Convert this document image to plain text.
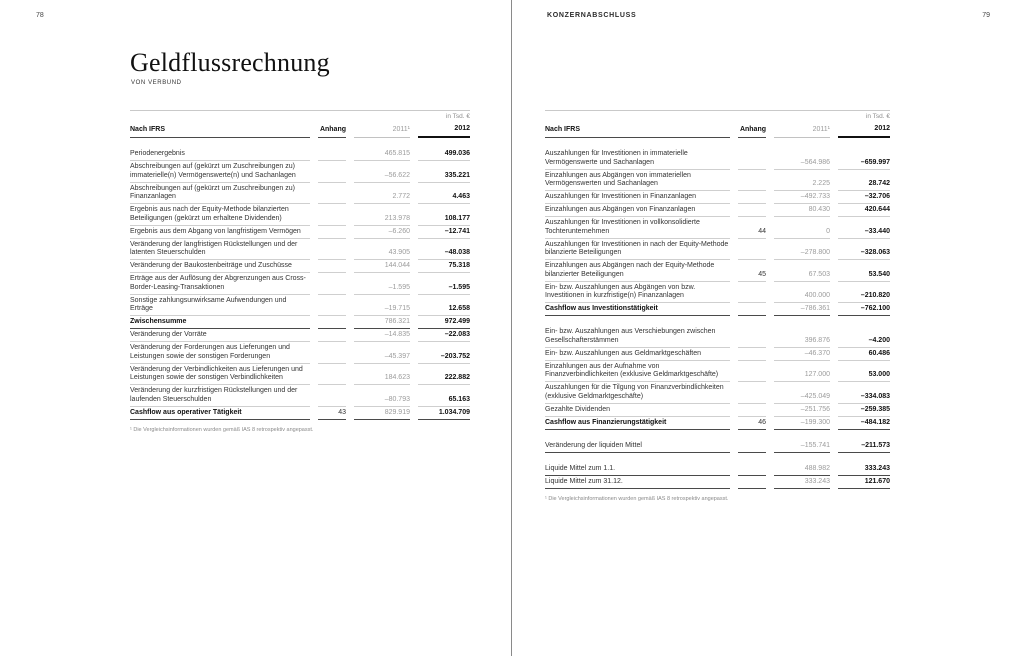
78
Geldflussrechnung
VON VERBUND
in Tsd. €
Nach IFRS	Anhang	2011¹	2012
Periodenergebnis	465.815	499.036
Abschreibungen auf (gekürzt um Zuschreibungen zu) immaterielle(n) Vermögenswerte(n) und Sachanlagen	–56.622	335.221
Abschreibungen auf (gekürzt um Zuschreibungen zu) Finanzanlagen	2.772	4.463
Ergebnis aus nach der Equity-Methode bilanzierten Beteiligungen (gekürzt um erhaltene Dividenden)	213.978	108.177
Ergebnis aus dem Abgang von langfristigem Vermögen	–6.260	–12.741
Veränderung der langfristigen Rückstellungen und der latenten Steuerschulden	43.905	–48.038
Veränderung der Baukostenbeiträge und Zuschüsse	144.044	75.318
Erträge aus der Auflösung der Abgrenzungen aus Cross-Border-Leasing-Transaktionen	–1.595	–1.595
Sonstige zahlungsunwirksame Aufwendungen und Erträge	–19.715	12.658
Zwischensumme	786.321	972.499
Veränderung der Vorräte	–14.835	–22.083
Veränderung der Forderungen aus Lieferungen und Leistungen sowie der sonstigen Forderungen	–45.397	–203.752
Veränderung der Verbindlichkeiten aus Lieferungen und Leistungen sowie der sonstigen Verbindlichkeiten	184.623	222.882
Veränderung der kurzfristigen Rückstellungen und der laufenden Steuerschulden	–80.793	65.163
Cashflow aus operativer Tätigkeit	43	829.919	1.034.709
¹ Die Vergleichsinformationen wurden gemäß IAS 8 retrospektiv angepasst.
KONZERNABSCHLUSS	79
in Tsd. €
Nach IFRS	Anhang	2011¹	2012
Auszahlungen für Investitionen in immaterielle Vermögenswerte und Sachanlagen	–564.986	–659.997
Einzahlungen aus Abgängen von immateriellen Vermögenswerten und Sachanlagen	2.225	28.742
Auszahlungen für Investitionen in Finanzanlagen	–492.733	–32.706
Einzahlungen aus Abgängen von Finanzanlagen	80.430	420.644
Auszahlungen für Investitionen in vollkonsolidierte Tochterunternehmen	44	0	–33.440
Auszahlungen für Investitionen in nach der Equity-Methode bilanzierte Beteiligungen	–278.800	–328.063
Einzahlungen aus Abgängen nach der Equity-Methode bilanzierter Beteiligungen	45	67.503	53.540
Ein- bzw. Auszahlungen aus Abgängen von bzw. Investitionen in kurzfristige(n) Finanzanlagen	400.000	–210.820
Cashflow aus Investitionstätigkeit	–786.361	–762.100
Ein- bzw. Auszahlungen aus Verschiebungen zwischen Gesellschafterstämmen	396.876	–4.200
Ein- bzw. Auszahlungen aus Geldmarktgeschäften	–46.370	60.486
Einzahlungen aus der Aufnahme von Finanzverbindlichkeiten (exklusive Geldmarktgeschäfte)	127.000	53.000
Auszahlungen für die Tilgung von Finanzverbindlichkeiten (exklusive Geldmarktgeschäfte)	–425.049	–334.083
Gezahlte Dividenden	–251.756	–259.385
Cashflow aus Finanzierungstätigkeit	46	–199.300	–484.182
Veränderung der liquiden Mittel	–155.741	–211.573
Liquide Mittel zum 1.1.	488.982	333.243
Liquide Mittel zum 31.12.	333.243	121.670
¹ Die Vergleichsinformationen wurden gemäß IAS 8 retrospektiv angepasst.
